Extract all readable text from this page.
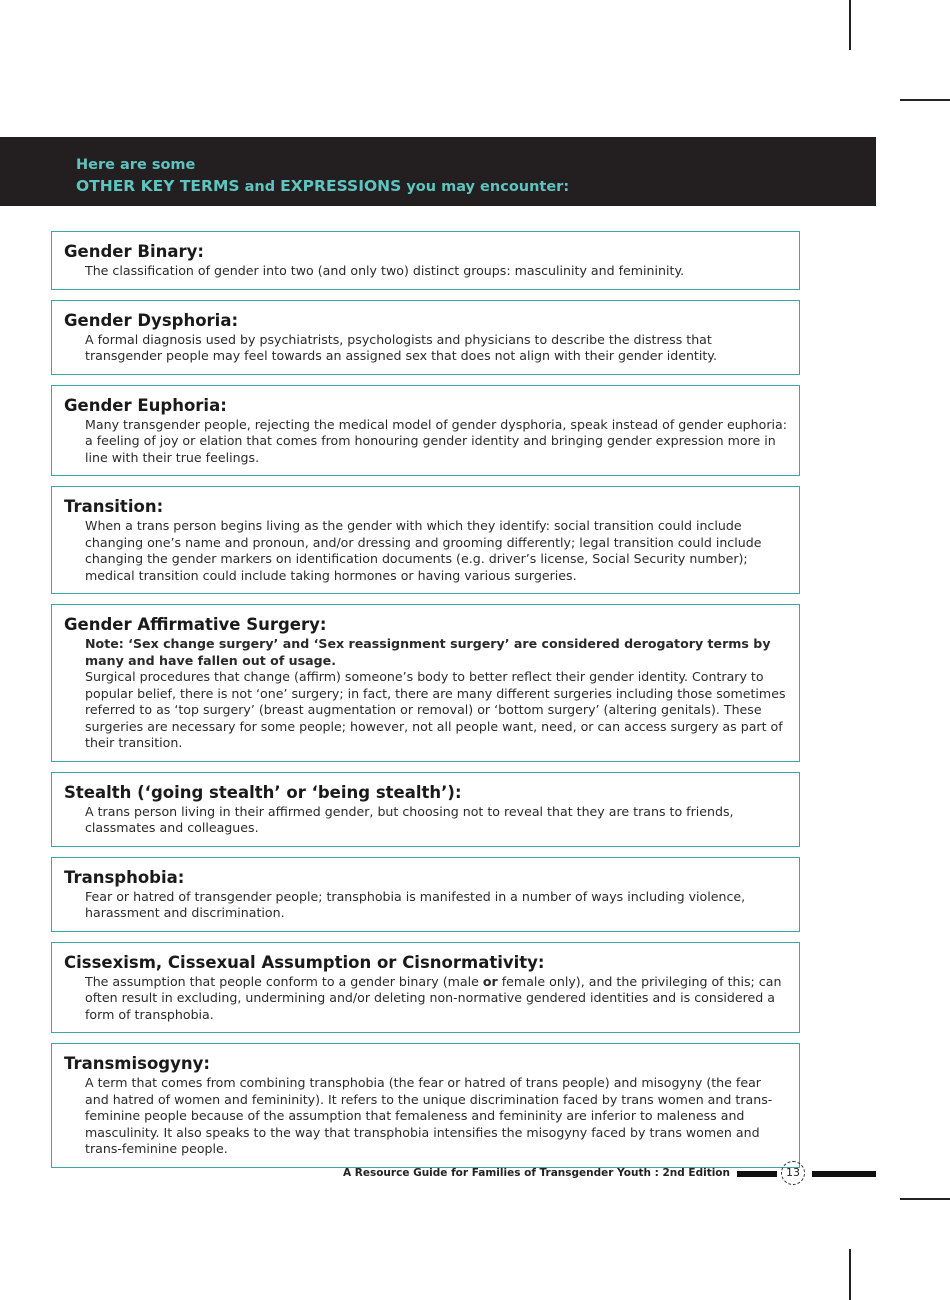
Here are some
OTHER KEY TERMS and EXPRESSIONS you may encounter:
Gender Binary:
The classification of gender into two (and only two) distinct groups: masculinity and femininity.
Gender Dysphoria:
A formal diagnosis used by psychiatrists, psychologists and physicians to describe the distress that transgender people may feel towards an assigned sex that does not align with their gender identity.
Gender Euphoria:
Many transgender people, rejecting the medical model of gender dysphoria, speak instead of gender euphoria: a feeling of joy or elation that comes from honouring gender identity and bringing gender expression more in line with their true feelings.
Transition:
When a trans person begins living as the gender with which they identify: social transition could include changing one’s name and pronoun, and/or dressing and grooming differently; legal transition could include changing the gender markers on identification documents (e.g. driver’s license, Social Security number); medical transition could include taking hormones or having various surgeries.
Gender Affirmative Surgery:
Note: ‘Sex change surgery’ and ‘Sex reassignment surgery’ are considered derogatory terms by many and have fallen out of usage.
Surgical procedures that change (affirm) someone’s body to better reflect their gender identity. Contrary to popular belief, there is not ‘one’ surgery; in fact, there are many different surgeries including those sometimes referred to as ‘top surgery’ (breast augmentation or removal) or ‘bottom surgery’ (altering genitals). These surgeries are necessary for some people; however, not all people want, need, or can access surgery as part of their transition.
Stealth (‘going stealth’ or ‘being stealth’):
A trans person living in their affirmed gender, but choosing not to reveal that they are trans to friends, classmates and colleagues.
Transphobia:
Fear or hatred of transgender people; transphobia is manifested in a number of ways including violence, harassment and discrimination.
Cissexism, Cissexual Assumption or Cisnormativity:
The assumption that people conform to a gender binary (male or female only), and the privileging of this; can often result in excluding, undermining and/or deleting non-normative gendered identities and is considered a form of transphobia.
Transmisogyny:
A term that comes from combining transphobia (the fear or hatred of trans people) and misogyny (the fear and hatred of women and femininity). It refers to the unique discrimination faced by trans women and trans-feminine people because of the assumption that femaleness and femininity are inferior to maleness and masculinity. It also speaks to the way that transphobia intensifies the misogyny faced by trans women and trans-feminine people.
A Resource Guide for Families of Transgender Youth : 2nd Edition	13
